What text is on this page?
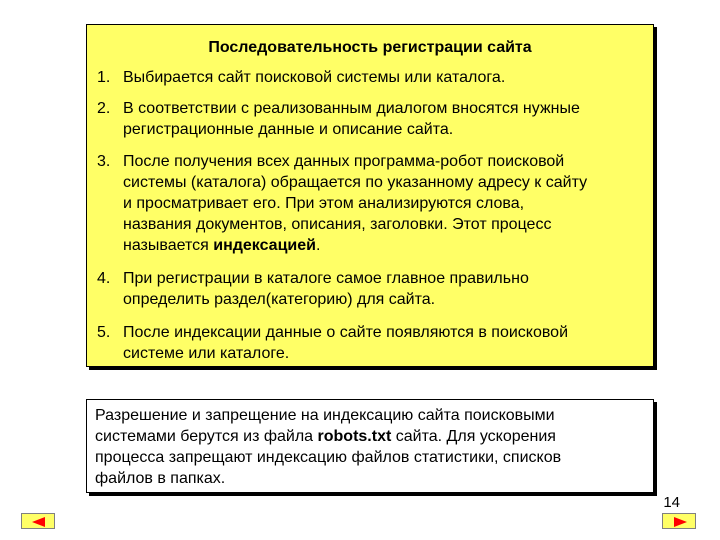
Последовательность регистрации сайта
1. Выбирается сайт поисковой системы или каталога.
2. В соответствии с реализованным диалогом вносятся нужные
регистрационные данные и описание сайта.
3. После получения всех данных программа-робот поисковой
системы (каталога) обращается по указанному адресу к сайту
и просматривает его. При этом анализируются слова,
названия документов, описания, заголовки. Этот процесс
называется индексацией.
4. При регистрации в каталоге самое главное правильно
определить раздел(категорию) для сайта.
5. После индексации данные о сайте появляются в поисковой
системе или каталоге.
Разрешение и запрещение на индексацию сайта поисковыми
системами берутся из файла robots.txt сайта. Для ускорения
процесса запрещают индексацию файлов статистики, списков
файлов в папках.
14
